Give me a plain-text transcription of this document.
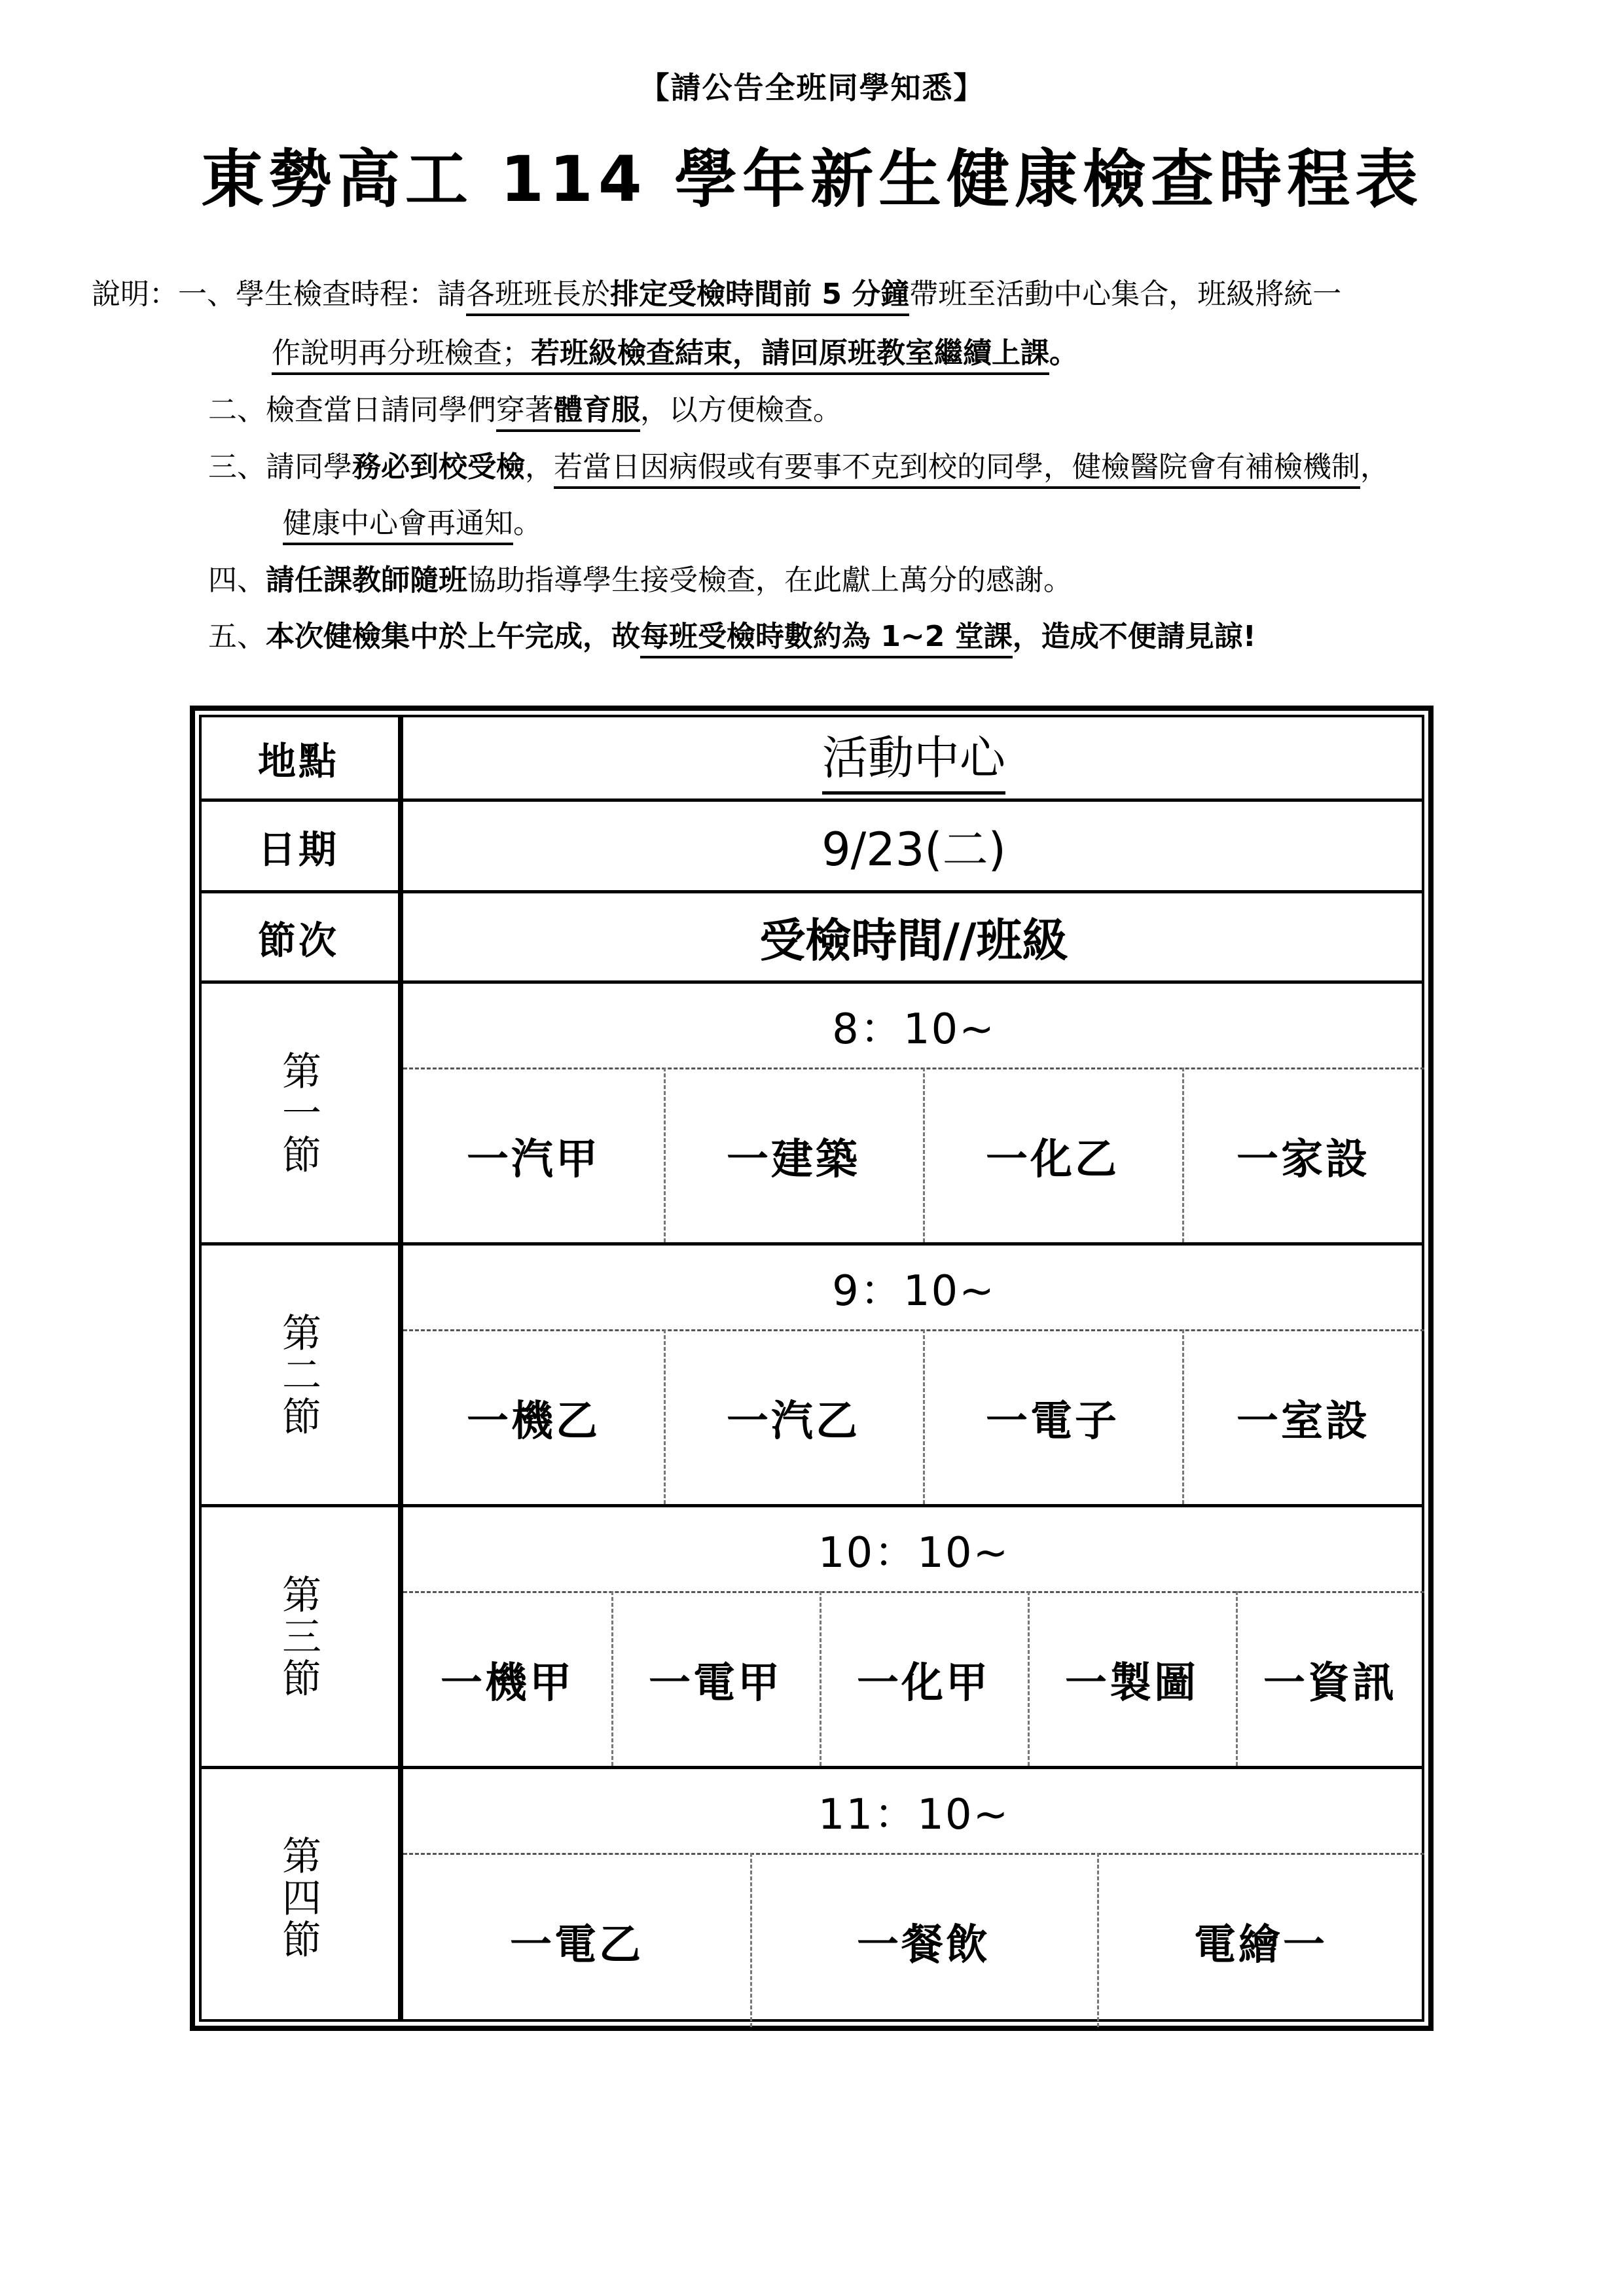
【請公告全班同學知悉】
東勢高工 114 學年新生健康檢查時程表
說明：一、學生檢查時程：請各班班長於排定受檢時間前 5 分鐘帶班至活動中心集合，班級將統一
作說明再分班檢查；若班級檢查結束，請回原班教室繼續上課。
二、檢查當日請同學們穿著體育服，以方便檢查。
三、請同學務必到校受檢，若當日因病假或有要事不克到校的同學，健檢醫院會有補檢機制，
健康中心會再通知。
四、請任課教師隨班協助指導學生接受檢查，在此獻上萬分的感謝。
五、本次健檢集中於上午完成，故每班受檢時數約為 1~2 堂課，造成不便請見諒!
地點	活動中心
日期	9/23(二)
節次	受檢時間//班級
第一節
8：10~
一汽甲	一建築	一化乙	一家設
第二節
9：10~
一機乙	一汽乙	一電子	一室設
第三節
10：10~
一機甲	一電甲	一化甲	一製圖	一資訊
第四節
11：10~
一電乙	一餐飲	電繪一
